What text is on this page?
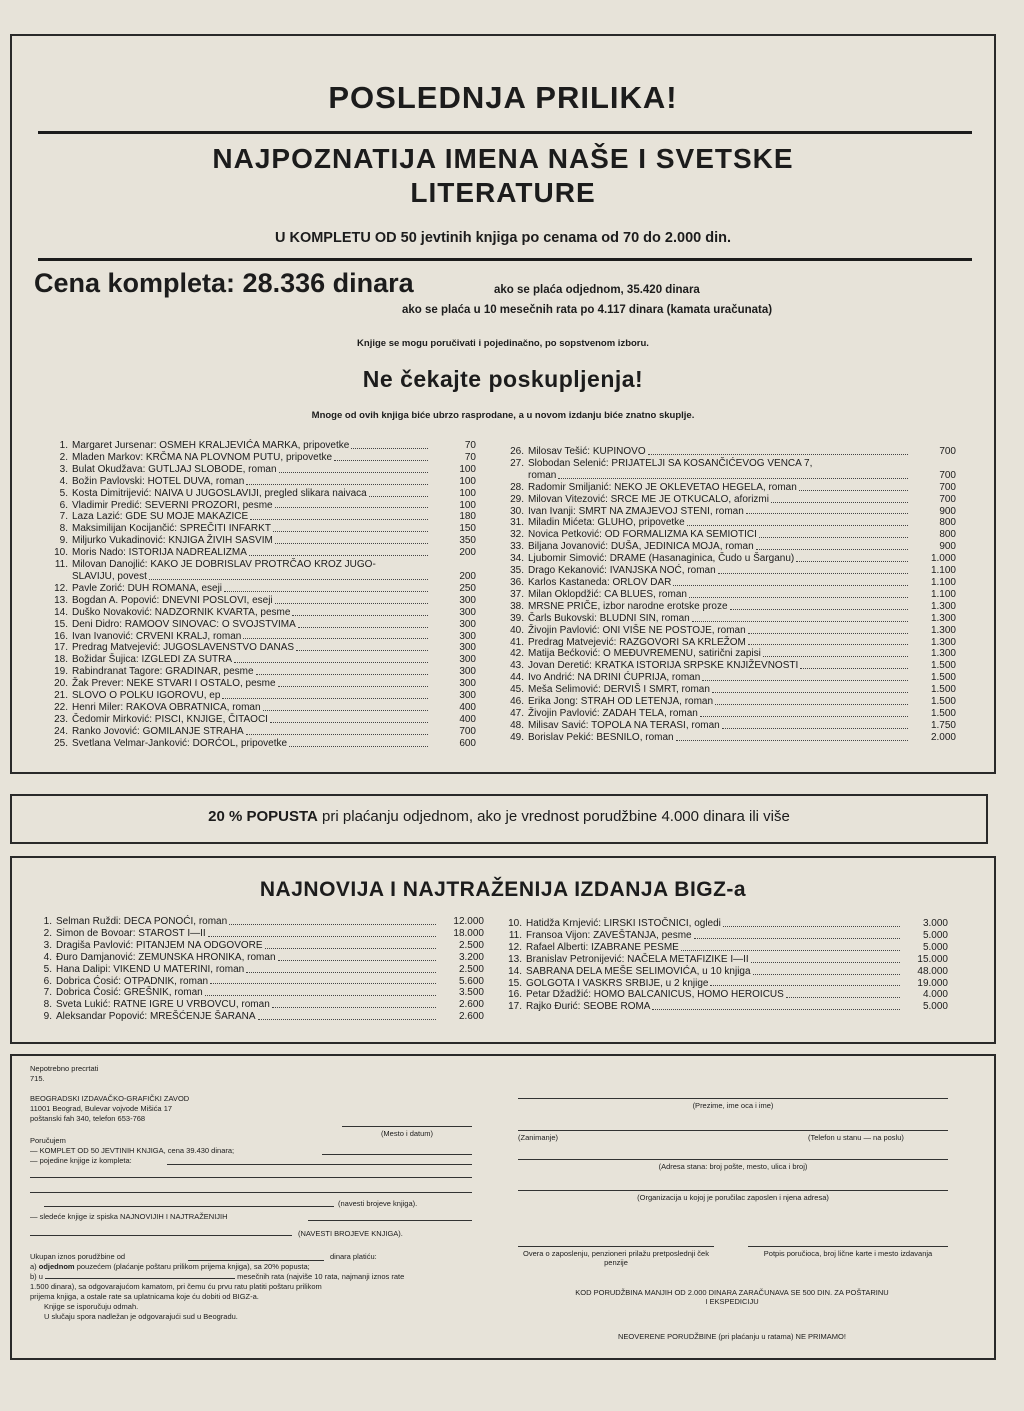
POSLEDNJA PRILIKA!
NAJPOZNATIJA IMENA NAŠE I SVETSKE
LITERATURE
U KOMPLETU OD 50 jevtinih knjiga po cenama od 70 do 2.000 din.
Cena kompleta: 28.336 dinara	ako se plaća odjednom, 35.420 dinara
ako se plaća u 10 mesečnih rata po 4.117 dinara (kamata uračunata)
Knjige se mogu poručivati i pojedinačno, po sopstvenom izboru.
Ne čekajte poskupljenja!
Mnoge od ovih knjiga biće ubrzo rasprodane, a u novom izdanju biće znatno skuplje.
1. Margaret Jursenar: OSMEH KRALJEVIĆA MARKA, pripovetke	70
2. Mladen Markov: KRČMA NA PLOVNOM PUTU, pripovetke	70
3. Bulat Okudžava: GUTLJAJ SLOBODE, roman	100
4. Božin Pavlovski: HOTEL DUVA, roman	100
5. Kosta Dimitrijević: NAIVA U JUGOSLAVIJI, pregled slikara naivaca	100
6. Vladimir Predić: SEVERNI PROZORI, pesme	100
7. Laza Lazić: GDE SU MOJE MAKAZICE	180
8. Maksimilijan Kocijančić: SPREČITI INFARKT	150
9. Miljurko Vukadinović: KNJIGA ŽIVIH SASVIM	350
10. Moris Nado: ISTORIJA NADREALIZMA	200
11. Milovan Danojlić: KAKO JE DOBRISLAV PROTRČAO KROZ JUGO-
SLAVIJU, povest	200
12. Pavle Zorić: DUH ROMANA, eseji	250
13. Bogdan A. Popović: DNEVNI POSLOVI, eseji	300
14. Duško Novaković: NADZORNIK KVARTA, pesme	300
15. Deni Didro: RAMOOV SINOVAC: O SVOJSTVIMA	300
16. Ivan Ivanović: CRVENI KRALJ, roman	300
17. Predrag Matvejević: JUGOSLAVENSTVO DANAS	300
18. Božidar Šujica: IZGLEDI ZA SUTRA	300
19. Rabindranat Tagore: GRADINAR, pesme	300
20. Žak Prever: NEKE STVARI I OSTALO, pesme	300
21. SLOVO O POLKU IGOROVU, ep	300
22. Henri Miler: RAKOVA OBRATNICA, roman	400
23. Čedomir Mirković: PISCI, KNJIGE, ČITAOCI	400
24. Ranko Jovović: GOMILANJE STRAHA	700
25. Svetlana Velmar-Janković: DORĆOL, pripovetke	600
26. Milosav Tešić: KUPINOVO	700
27. Slobodan Selenić: PRIJATELJI SA KOSANČIĆEVOG VENCA 7,
roman	700
28. Radomir Smiljanić: NEKO JE OKLEVETAO HEGELA, roman	700
29. Milovan Vitezović: SRCE ME JE OTKUCALO, aforizmi	700
30. Ivan Ivanji: SMRT NA ZMAJEVOJ STENI, roman	900
31. Miladin Mićeta: GLUHO, pripovetke	800
32. Novica Petković: OD FORMALIZMA KA SEMIOTICI	800
33. Biljana Jovanović: DUŠA, JEDINICA MOJA, roman	900
34. Ljubomir Simović: DRAME (Hasanaginica, Čudo u Šarganu)	1.000
35. Drago Kekanović: IVANJSKA NOĆ, roman	1.100
36. Karlos Kastaneda: ORLOV DAR	1.100
37. Milan Oklopdžić: CA BLUES, roman	1.100
38. MRSNE PRIČE, izbor narodne erotske proze	1.300
39. Čarls Bukovski: BLUDNI SIN, roman	1.300
40. Živojin Pavlović: ONI VIŠE NE POSTOJE, roman	1.300
41. Predrag Matvejević: RAZGOVORI SA KRLEŽOM	1.300
42. Matija Bećković: O MEĐUVREMENU, satirični zapisi	1.300
43. Jovan Deretić: KRATKA ISTORIJA SRPSKE KNJIŽEVNOSTI	1.500
44. Ivo Andrić: NA DRINI ĆUPRIJA, roman	1.500
45. Meša Selimović: DERVIŠ I SMRT, roman	1.500
46. Erika Jong: STRAH OD LETENJA, roman	1.500
47. Živojin Pavlović: ZADAH TELA, roman	1.500
48. Milisav Savić: TOPOLA NA TERASI, roman	1.750
49. Borislav Pekić: BESNILO, roman	2.000
20 % POPUSTA pri plaćanju odjednom, ako je vrednost porudžbine 4.000 dinara ili više
NAJNOVIJA I NAJTRAŽENIJA IZDANJA BIGZ-a
1. Selman Ruždi: DECA PONOĆI, roman	12.000
2. Simon de Bovoar: STAROST I—II	18.000
3. Dragiša Pavlović: PITANJEM NA ODGOVORE	2.500
4. Đuro Damjanović: ZEMUNSKA HRONIKA, roman	3.200
5. Hana Dalipi: VIKEND U MATERINI, roman	2.500
6. Dobrica Ćosić: OTPADNIK, roman	5.600
7. Dobrica Ćosić: GREŠNIK, roman	3.500
8. Sveta Lukić: RATNE IGRE U VRBOVCU, roman	2.600
9. Aleksandar Popović: MREŠĆENJE ŠARANA	2.600
10. Hatidža Krnjević: LIRSKI ISTOČNICI, ogledi	3.000
11. Fransoa Vijon: ZAVEŠTANJA, pesme	5.000
12. Rafael Alberti: IZABRANE PESME	5.000
13. Branislav Petronijević: NAČELA METAFIZIKE I—II	15.000
14. SABRANA DELA MEŠE SELIMOVIĆA, u 10 knjiga	48.000
15. GOLGOTA I VASKRS SRBIJE, u 2 knjige	19.000
16. Petar Džadžić: HOMO BALCANICUS, HOMO HEROICUS	4.000
17. Rajko Đurić: SEOBE ROMA	5.000
Nepotrebno precrtati
715.
BEOGRADSKI IZDAVAČKO-GRAFIČKI ZAVOD
11001 Beograd, Bulevar vojvode Mišića 17
poštanski fah 340, telefon 653-768
(Mesto i datum)
Poručujem
— KOMPLET OD 50 JEVTINIH KNJIGA, cena 39.430 dinara;
— pojedine knjige iz kompleta:
(navesti brojeve knjiga).
— sledeće knjige iz spiska NAJNOVIJIH I NAJTRAŽENIJIH
(NAVESTI BROJEVE KNJIGA).
Ukupan iznos porudžbine od	dinara platiću:
a) odjednom pouzećem (plaćanje poštaru prilikom prijema knjiga), sa 20% popusta;
b) u	mesečnih rata (najviše 10 rata, najmanji iznos rate
1.500 dinara), sa odgovarajućom kamatom, pri čemu ću prvu ratu platiti poštaru prilikom
prijema knjiga, a ostale rate sa uplatnicama koje ću dobiti od BIGZ-a.
Knjige se isporučuju odmah.
U slučaju spora nadležan je odgovarajući sud u Beogradu.
(Prezime, ime oca i ime)
(Zanimanje)	(Telefon u stanu — na poslu)
(Adresa stana: broj pošte, mesto, ulica i broj)
(Organizacija u kojoj je poručilac zaposlen i njena adresa)
Overa o zaposlenju, penzioneri prilažu pretposlednji ček penzije
Potpis poručioca, broj lične karte i mesto izdavanja
KOD PORUDŽBINA MANJIH OD 2.000 DINARA ZARAČUNAVA SE 500 DIN. ZA POŠTARINU
I EKSPEDICIJU
NEOVERENE PORUDŽBINE (pri plaćanju u ratama) NE PRIMAMO!
